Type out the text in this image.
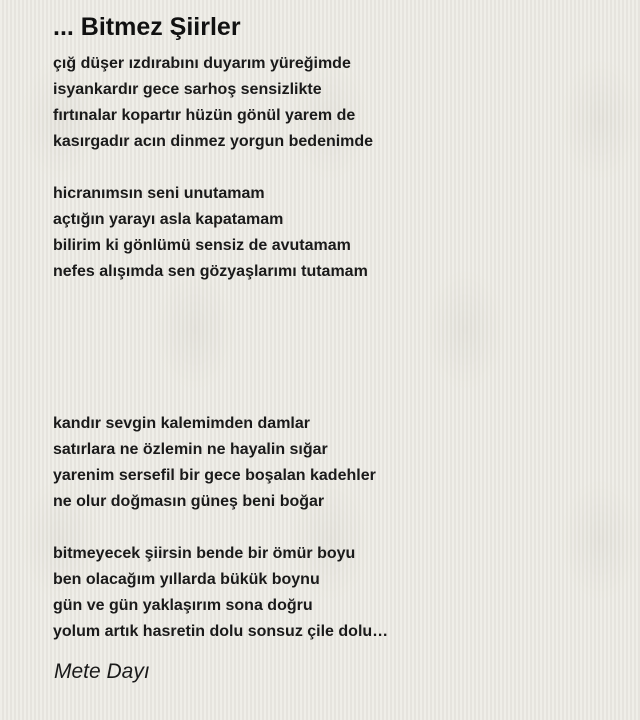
... Bitmez Şiirler
çığ düşer ızdırabını duyarım yüreğimde
isyankardır gece sarhoş sensizlikte
fırtınalar kopartır hüzün gönül yarem de
kasırgadır acın dinmez yorgun bedenimde
hicranımsın seni unutamam
açtığın yarayı asla kapatamam
bilirim ki gönlümü sensiz de avutamam
nefes alışımda sen gözyaşlarımı tutamam
kandır sevgin kalemimden damlar
satırlara ne özlemin ne hayalin sığar
yarenim sersefil bir gece boşalan kadehler
ne olur doğmasın güneş beni boğar
bitmeyecek şiirsin bende bir ömür boyu
ben olacağım yıllarda bükük boynu
gün ve gün yaklaşırım sona doğru
yolum artık hasretin dolu sonsuz çile dolu…

Mete Dayı
